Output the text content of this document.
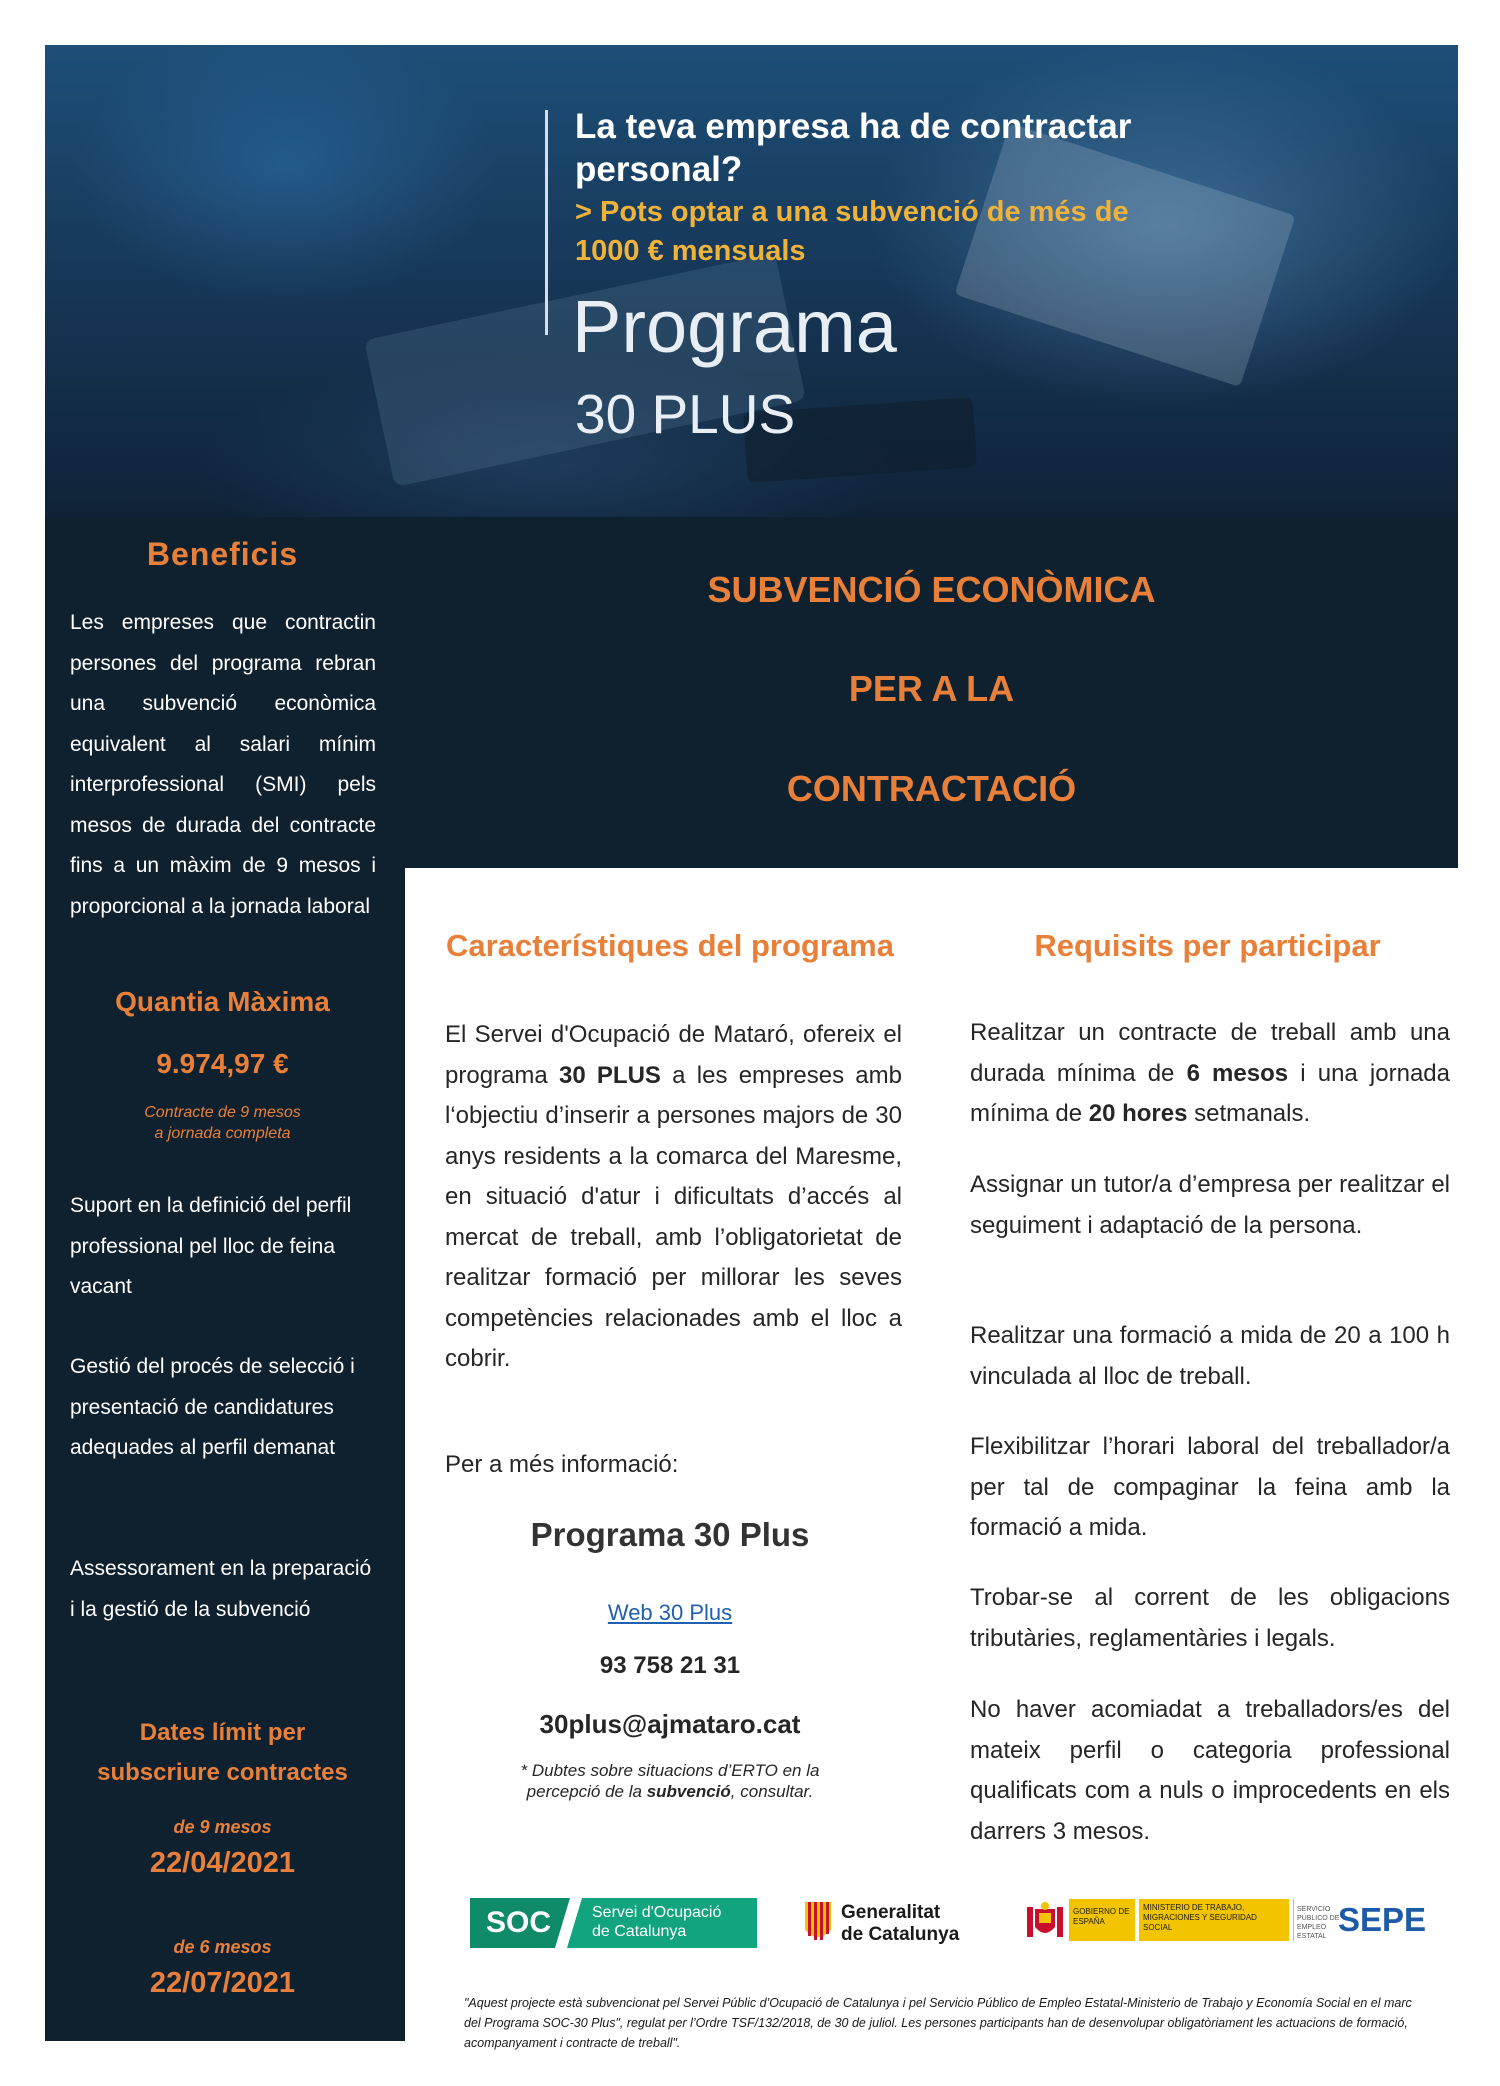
La teva empresa ha de contractar personal?
> Pots optar a una subvenció de més de 1000 € mensuals
Programa
30 PLUS
Beneficis
Les empreses que contractin persones del programa rebran una subvenció econòmica equivalent al salari mínim interprofessional (SMI) pels mesos de durada del contracte fins a un màxim de 9 mesos i proporcional a la jornada laboral
Quantia Màxima
9.974,97 €
Contracte de 9 mesos
a jornada completa
Suport en la definició del perfil professional pel lloc de feina vacant
Gestió del procés de selecció i presentació de candidatures adequades al perfil demanat
Assessorament en la preparació i la gestió de la subvenció
Dates límit per
subscriure contractes
de 9 mesos
22/04/2021
de 6 mesos
22/07/2021
SUBVENCIÓ ECONÒMICA
PER A LA
CONTRACTACIÓ
Característiques del programa
El Servei d'Ocupació de Mataró, ofereix el programa 30 PLUS a les empreses amb l‘objectiu d’inserir a persones majors de 30 anys residents a la comarca del Maresme, en situació d'atur i dificultats d’accés al mercat de treball, amb l’obligatorietat de realitzar formació per millorar les seves competències relacionades amb el lloc a cobrir.
Per a més informació:
Programa 30 Plus
Web 30 Plus
93 758 21 31
30plus@ajmataro.cat
* Dubtes sobre situacions d’ERTO en la percepció de la subvenció, consultar.
Requisits per participar
Realitzar un contracte de treball amb una durada mínima de 6 mesos i una jornada mínima de 20 hores setmanals.
Assignar un tutor/a d’empresa per realitzar el seguiment i adaptació de la persona.
Realitzar una formació a mida de 20 a 100 h vinculada al lloc de treball.
Flexibilitzar l’horari laboral del treballador/a per tal de compaginar la feina amb la formació a mida.
Trobar-se al corrent de les obligacions tributàries, reglamentàries i legals.
No haver acomiadat a treballadors/es del mateix perfil o categoria professional qualificats com a nuls o improcedents en els darrers 3 mesos.
SOC	Servei d'Ocupació
de Catalunya
Generalitat
de Catalunya
GOBIERNO DE ESPAÑA
MINISTERIO DE TRABAJO, MIGRACIONES Y SEGURIDAD SOCIAL
SERVICIO PÚBLICO DE EMPLEO ESTATAL SEPE
"Aquest projecte està subvencionat pel Servei Públic d’Ocupació de Catalunya i pel Servicio Público de Empleo Estatal-Ministerio de Trabajo y Economía Social en el marc del Programa SOC-30 Plus", regulat per l’Ordre TSF/132/2018, de 30 de juliol. Les persones participants han de desenvolupar obligatòriament les actuacions de formació, acompanyament i contracte de treball".
